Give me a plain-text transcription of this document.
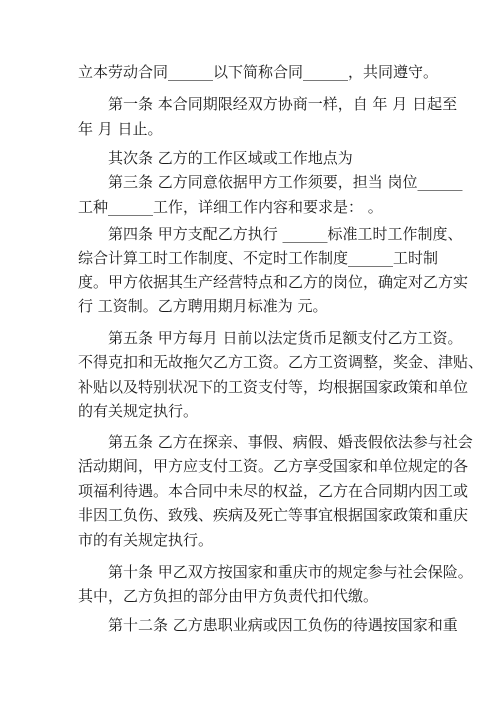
立本劳动合同______以下简称合同______，共同遵守。
第一条 本合同期限经双方协商一样，自 年 月 日起至
年 月 日止。
其次条 乙方的工作区域或工作地点为
第三条 乙方同意依据甲方工作须要，担当 岗位______
工种______工作，详细工作内容和要求是： 。
第四条 甲方支配乙方执行 ______标准工时工作制度、
综合计算工时工作制度、不定时工作制度______工时制
度。甲方依据其生产经营特点和乙方的岗位，确定对乙方实
行 工资制。乙方聘用期月标准为 元。
第五条 甲方每月 日前以法定货币足额支付乙方工资。
不得克扣和无故拖欠乙方工资。乙方工资调整，奖金、津贴、
补贴以及特别状况下的工资支付等，均根据国家政策和单位
的有关规定执行。
第五条 乙方在探亲、事假、病假、婚丧假依法参与社会
活动期间，甲方应支付工资。乙方享受国家和单位规定的各
项福利待遇。本合同中未尽的权益，乙方在合同期内因工或
非因工负伤、致残、疾病及死亡等事宜根据国家政策和重庆
市的有关规定执行。
第十条 甲乙双方按国家和重庆市的规定参与社会保险。
其中，乙方负担的部分由甲方负责代扣代缴。
第十二条 乙方患职业病或因工负伤的待遇按国家和重
